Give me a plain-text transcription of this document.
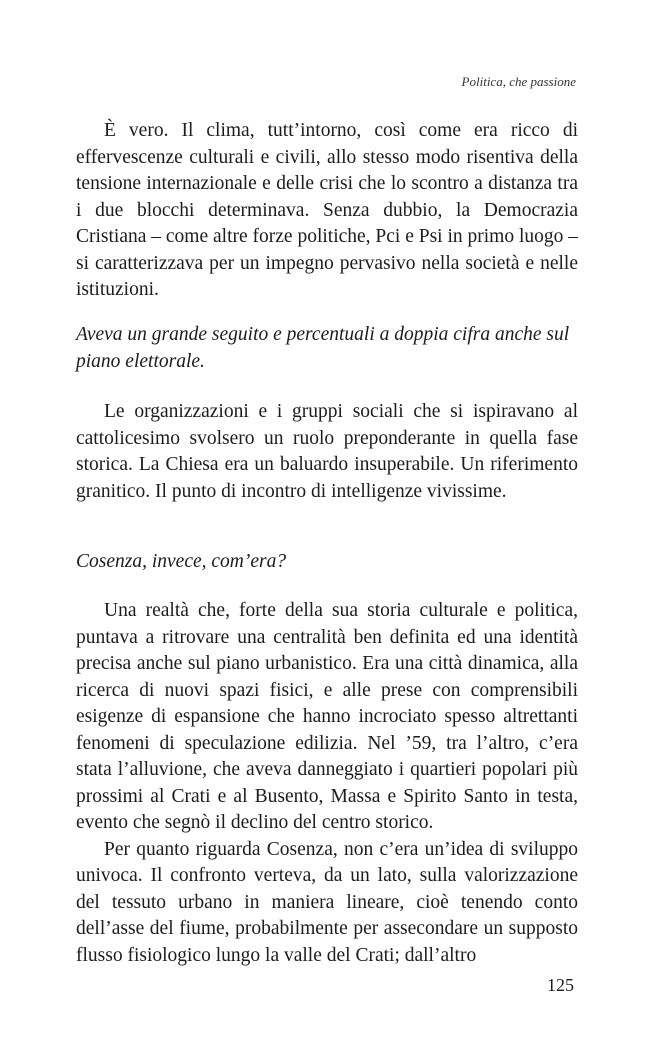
Politica, che passione

È vero. Il clima, tutt’intorno, così come era ricco di effervescenze culturali e civili, allo stesso modo risentiva della tensione internazionale e delle crisi che lo scontro a distanza tra i due blocchi determinava. Senza dubbio, la Democrazia Cristiana – come altre forze politiche, Pci e Psi in primo luogo – si caratterizzava per un impegno pervasivo nella società e nelle istituzioni.

Aveva un grande seguito e percentuali a doppia cifra anche sul piano elettorale.

Le organizzazioni e i gruppi sociali che si ispiravano al cattolicesimo svolsero un ruolo preponderante in quella fase storica. La Chiesa era un baluardo insuperabile. Un riferimento granitico. Il punto di incontro di intelligenze vivissime.

Cosenza, invece, com’era?

Una realtà che, forte della sua storia culturale e politica, puntava a ritrovare una centralità ben definita ed una identità precisa anche sul piano urbanistico. Era una città dinamica, alla ricerca di nuovi spazi fisici, e alle prese con comprensibili esigenze di espansione che hanno incrociato spesso altrettanti fenomeni di speculazione edilizia. Nel ’59, tra l’altro, c’era stata l’alluvione, che aveva danneggiato i quartieri popolari più prossimi al Crati e al Busento, Massa e Spirito Santo in testa, evento che segnò il declino del centro storico.

Per quanto riguarda Cosenza, non c’era un’idea di sviluppo univoca. Il confronto verteva, da un lato, sulla valorizzazione del tessuto urbano in maniera lineare, cioè tenendo conto dell’asse del fiume, probabilmente per assecondare un supposto flusso fisiologico lungo la valle del Crati; dall’altro

125
